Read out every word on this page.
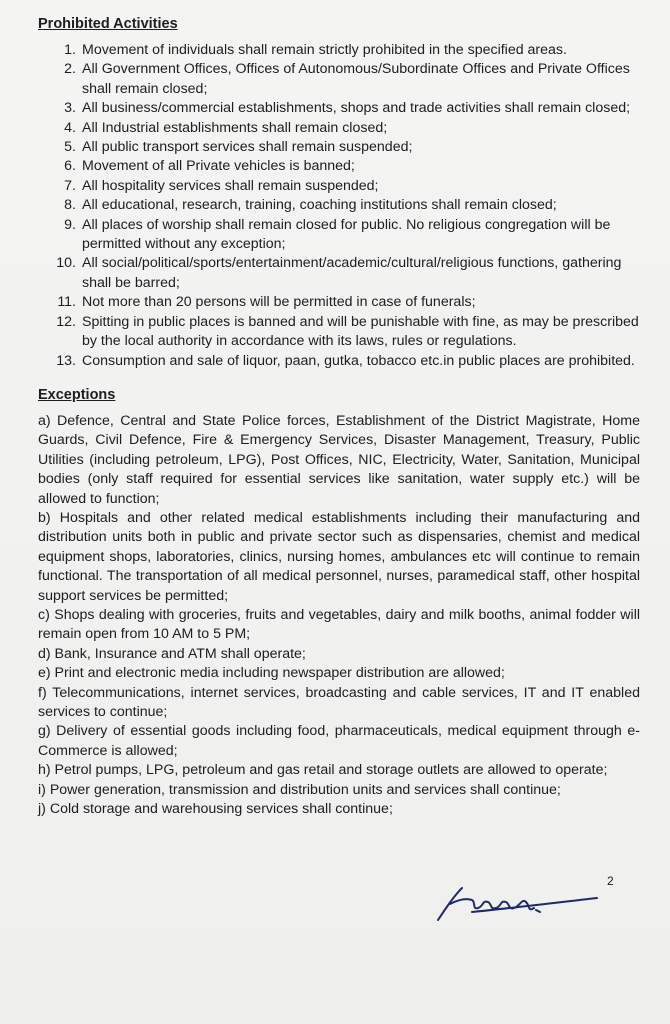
Prohibited Activities
1. Movement of individuals shall remain strictly prohibited in the specified areas.
2. All Government Offices, Offices of Autonomous/Subordinate Offices and Private Offices shall remain closed;
3. All business/commercial establishments, shops and trade activities shall remain closed;
4. All Industrial establishments shall remain closed;
5. All public transport services shall remain suspended;
6. Movement of all Private vehicles is banned;
7. All hospitality services shall remain suspended;
8. All educational, research, training, coaching institutions shall remain closed;
9. All places of worship shall remain closed for public. No religious congregation will be permitted without any exception;
10. All social/political/sports/entertainment/academic/cultural/religious functions, gathering shall be barred;
11. Not more than 20 persons will be permitted in case of funerals;
12. Spitting in public places is banned and will be punishable with fine, as may be prescribed by the local authority in accordance with its laws, rules or regulations.
13. Consumption and sale of liquor, paan, gutka, tobacco etc.in public places are prohibited.
Exceptions

a) Defence, Central and State Police forces, Establishment of the District Magistrate, Home Guards, Civil Defence, Fire & Emergency Services, Disaster Management, Treasury, Public Utilities (including petroleum, LPG), Post Offices, NIC, Electricity, Water, Sanitation, Municipal bodies (only staff required for essential services like sanitation, water supply etc.) will be allowed to function;

b) Hospitals and other related medical establishments including their manufacturing and distribution units both in public and private sector such as dispensaries, chemist and medical equipment shops, laboratories, clinics, nursing homes, ambulances etc will continue to remain functional. The transportation of all medical personnel, nurses, paramedical staff, other hospital support services be permitted;

c) Shops dealing with groceries, fruits and vegetables, dairy and milk booths, animal fodder will remain open from 10 AM to 5 PM;

d) Bank, Insurance and ATM shall operate;

e) Print and electronic media including newspaper distribution are allowed;

f) Telecommunications, internet services, broadcasting and cable services, IT and IT enabled services to continue;

g) Delivery of essential goods including food, pharmaceuticals, medical equipment through e-Commerce is allowed;

h) Petrol pumps, LPG, petroleum and gas retail and storage outlets are allowed to operate;

i) Power generation, transmission and distribution units and services shall continue;

j) Cold storage and warehousing services shall continue;

2
